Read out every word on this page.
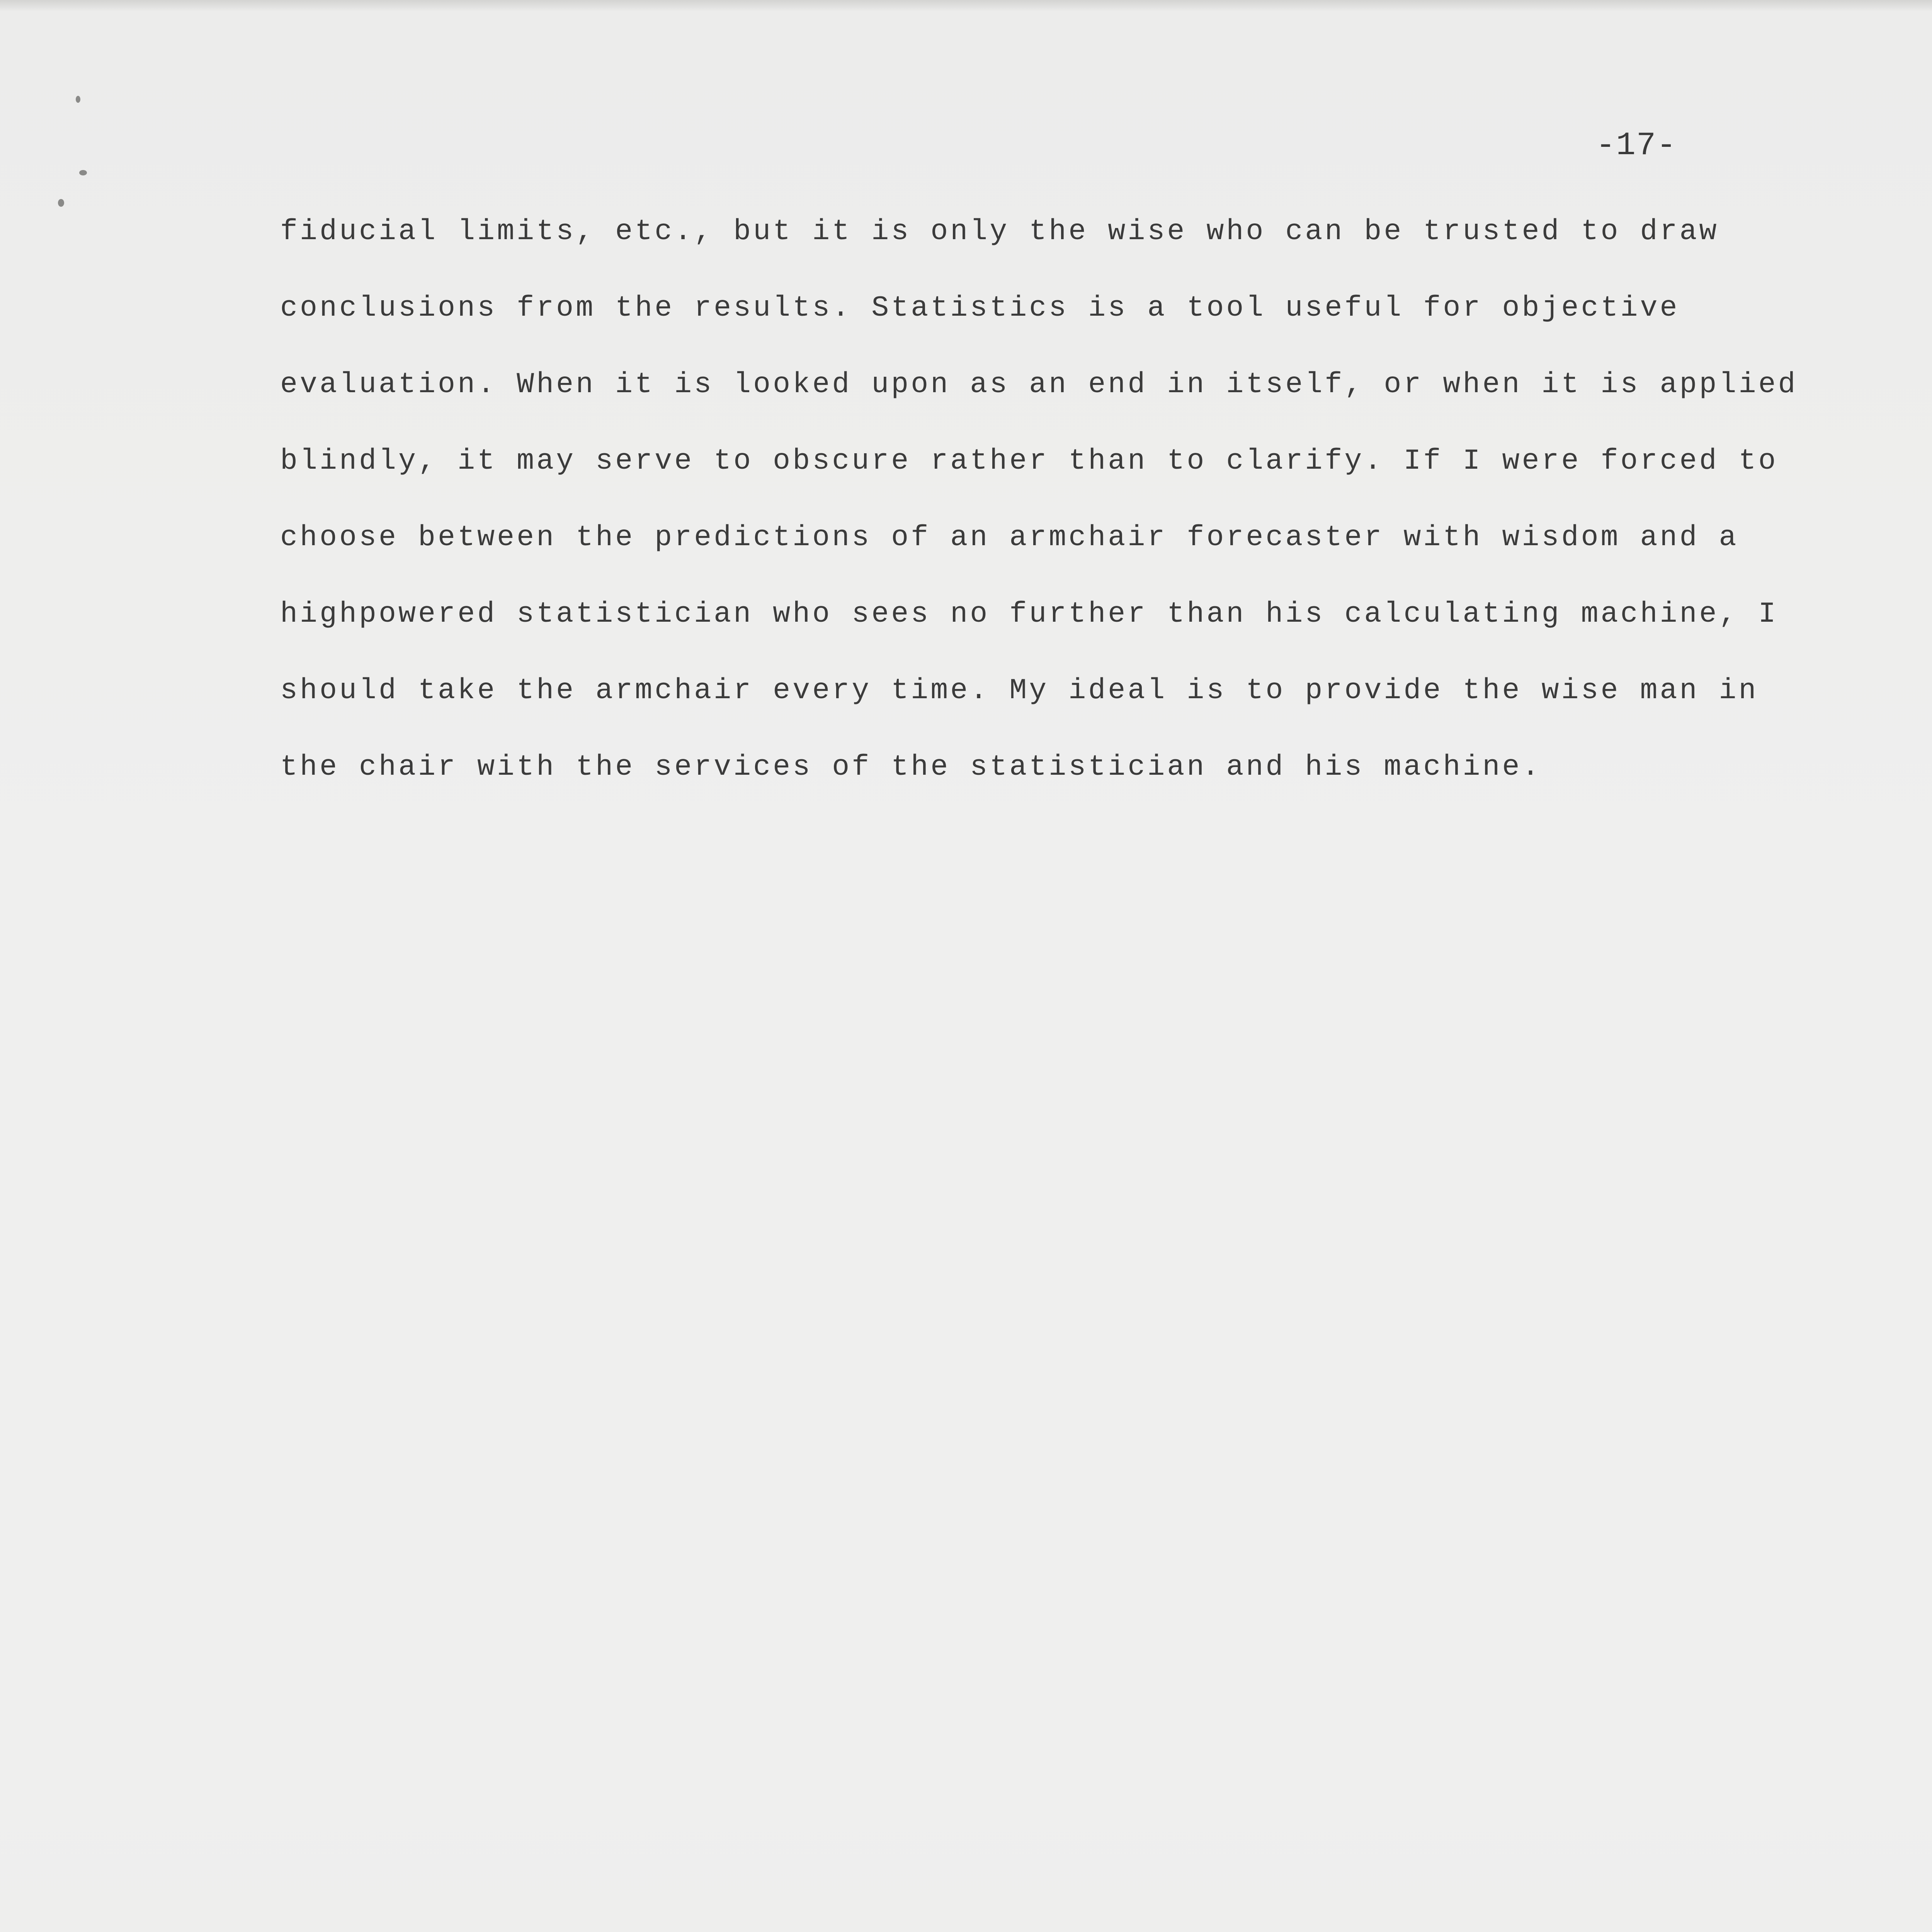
-17-
fiducial limits, etc., but it is only the wise who can be trusted to draw
conclusions from the results. Statistics is a tool useful for objective
evaluation. When it is looked upon as an end in itself, or when it is applied
blindly, it may serve to obscure rather than to clarify. If I were forced to
choose between the predictions of an armchair forecaster with wisdom and a
highpowered statistician who sees no further than his calculating machine, I
should take the armchair every time. My ideal is to provide the wise man in
the chair with the services of the statistician and his machine.
